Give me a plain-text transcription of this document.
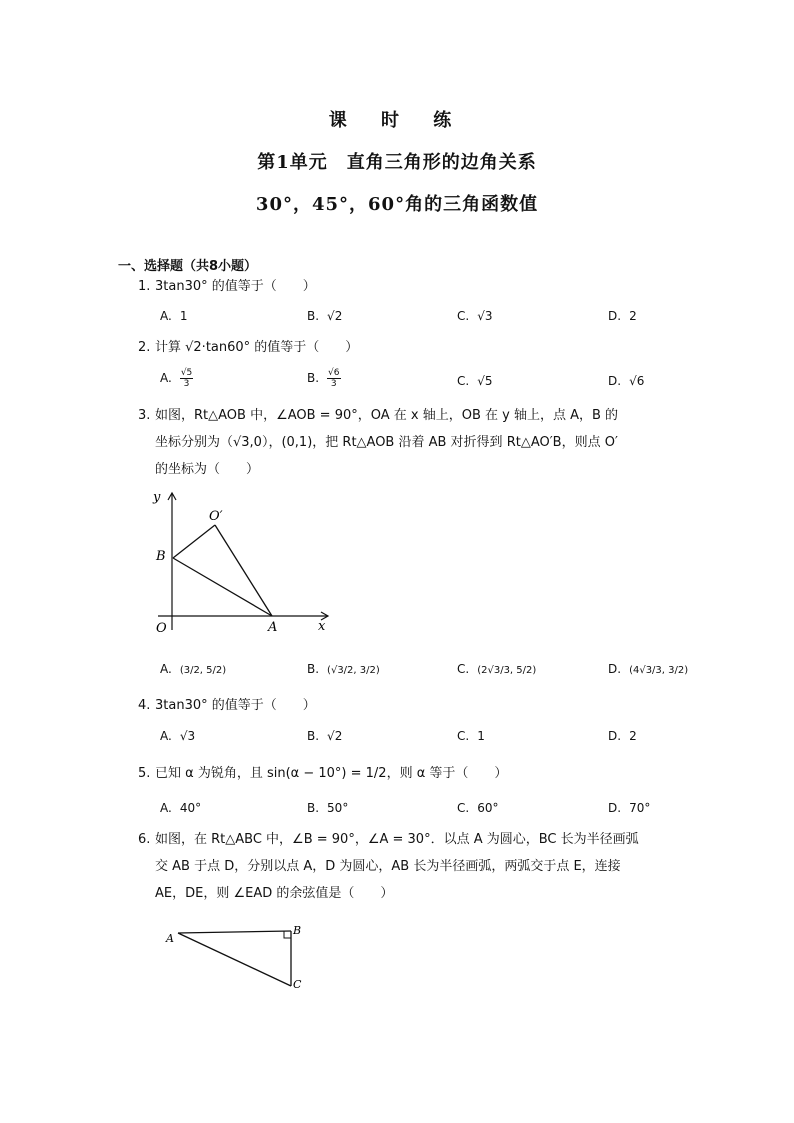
课 时 练
第1单元　直角三角形的边角关系
30°，45°，60°角的三角函数值
一、选择题（共8小题）
1. 3tan30° 的值等于（　　）
A. 1	B. √2	C. √3	D. 2
2. 计算 √2·tan60° 的值等于（　　）
A. $\frac{√5}{3}$	B. $\frac{√6}{3}$	C. √5	D. √6
3. 如图，Rt△AOB 中，∠AOB = 90°，OA 在 x 轴上，OB 在 y 轴上，点 A，B 的
坐标分别为（√3,0），(0,1)，把 Rt△AOB 沿着 AB 对折得到 Rt△AO′B，则点 O′
的坐标为（　　）
y
x
O	A
B
O′
A. (3/2, 5/2)	B. (√3/2, 3/2)	C. (2√3/3, 5/2)	D. (4√3/3, 3/2)
4. 3tan30° 的值等于（　　）
A. √3	B. √2	C. 1	D. 2
5. 已知 α 为锐角，且 sin(α − 10°) = 1/2，则 α 等于（　　）
A. 40°	B. 50°	C. 60°	D. 70°
6. 如图，在 Rt△ABC 中，∠B = 90°，∠A = 30°．以点 A 为圆心，BC 长为半径画弧
交 AB 于点 D，分别以点 A，D 为圆心，AB 长为半径画弧，两弧交于点 E，连接
AE，DE，则 ∠EAD 的余弦值是（　　）
A
B
C
